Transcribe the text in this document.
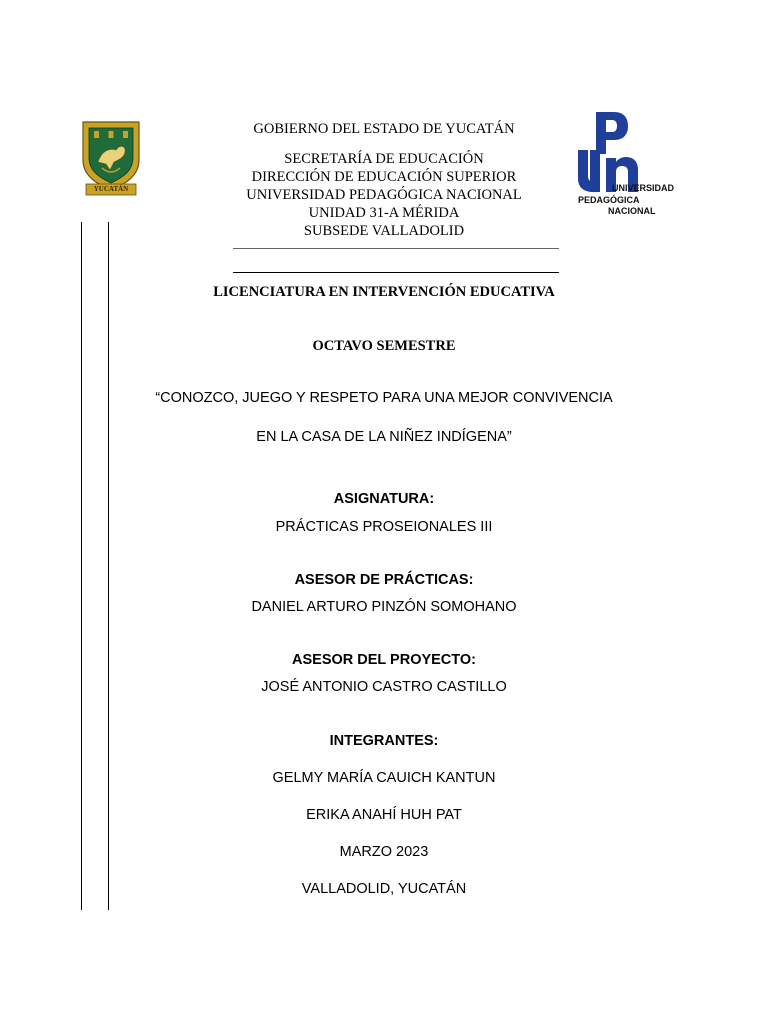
YUCATÁN	UNIVERSIDAD
PEDAGÓGICA
NACIONAL
GOBIERNO DEL ESTADO DE YUCATÁN
SECRETARÍA DE EDUCACIÓN
DIRECCIÓN DE EDUCACIÓN SUPERIOR
UNIVERSIDAD PEDAGÓGICA NACIONAL
UNIDAD 31-A MÉRIDA
SUBSEDE VALLADOLID
LICENCIATURA EN INTERVENCIÓN EDUCATIVA
OCTAVO SEMESTRE
“CONOZCO, JUEGO Y RESPETO PARA UNA MEJOR CONVIVENCIA
EN LA CASA DE LA NIÑEZ INDÍGENA”
ASIGNATURA:
PRÁCTICAS PROSEIONALES III
ASESOR DE PRÁCTICAS:
DANIEL ARTURO PINZÓN SOMOHANO
ASESOR DEL PROYECTO:
JOSÉ ANTONIO CASTRO CASTILLO
INTEGRANTES:
GELMY MARÍA CAUICH KANTUN
ERIKA ANAHÍ HUH PAT
MARZO 2023
VALLADOLID, YUCATÁN
